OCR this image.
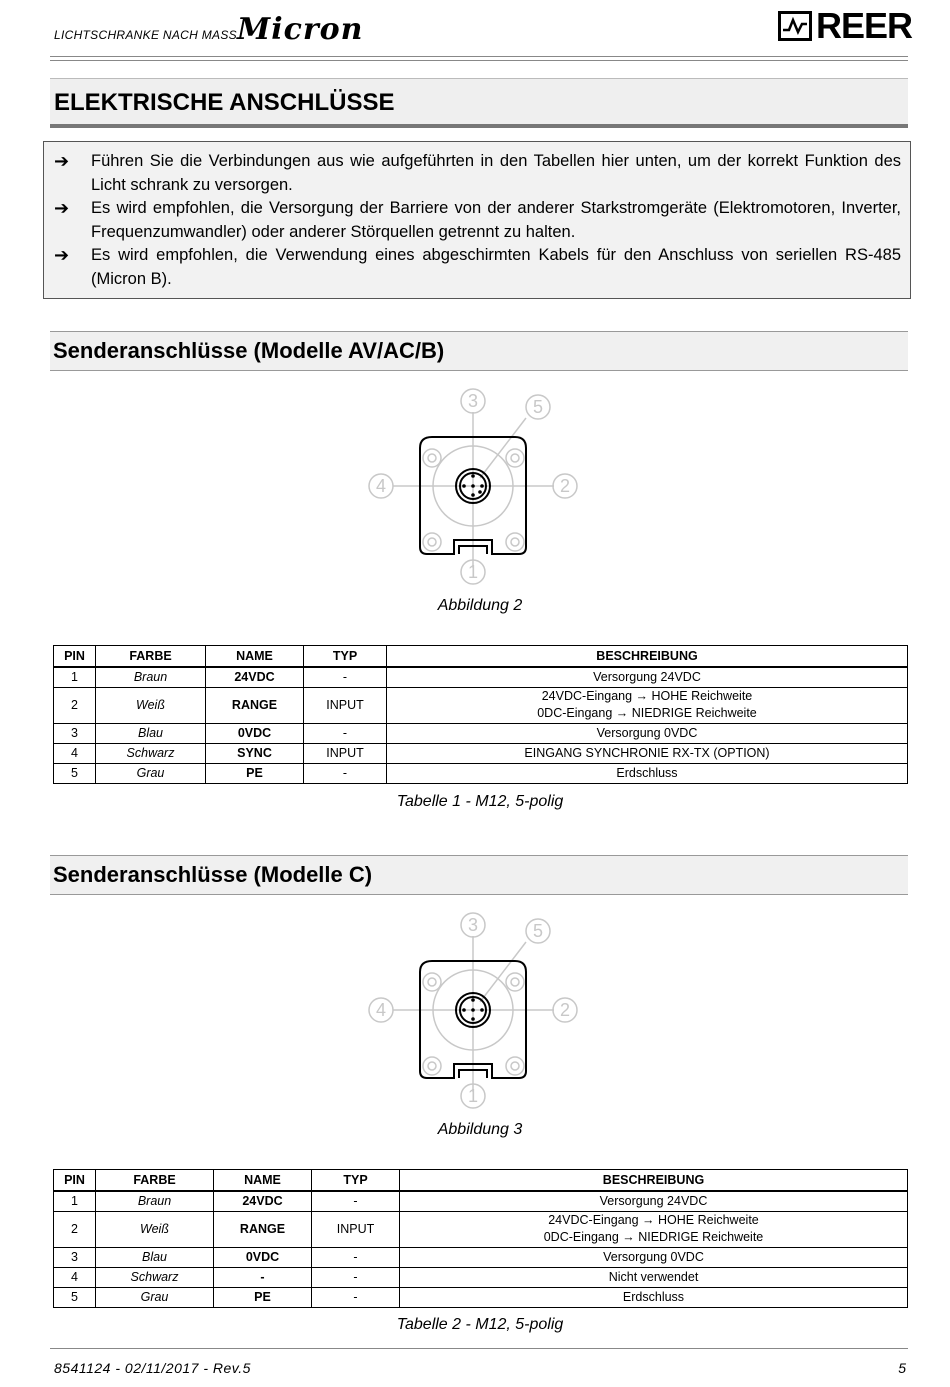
LICHTSCHRANKE NACH MASS Micron	REER
ELEKTRISCHE ANSCHLÜSSE
➔ Führen Sie die Verbindungen aus wie aufgeführten in den Tabellen hier unten, um der korrekt Funktion des Licht schrank zu versorgen.
➔ Es wird empfohlen, die Versorgung der Barriere von der anderer Starkstromgeräte (Elektromotoren, Inverter, Frequenzumwandler) oder anderer Störquellen getrennt zu halten.
➔ Es wird empfohlen, die Verwendung eines abgeschirmten Kabels für den Anschluss von seriellen RS-485 (Micron B).
Senderanschlüsse (Modelle AV/AC/B)
3	5
4	2
1
Abbildung 2
PIN	FARBE	NAME	TYP	BESCHREIBUNG
1	Braun	24VDC	-	Versorgung 24VDC
2	Weiß	RANGE	INPUT	24VDC-Eingang → HOHE Reichweite
0DC-Eingang → NIEDRIGE Reichweite

3	Blau	0VDC	-	Versorgung 0VDC
4	Schwarz	SYNC	INPUT	EINGANG SYNCHRONIE RX-TX (OPTION)
5	Grau	PE	-	Erdschluss
Tabelle 1 - M12, 5-polig
Senderanschlüsse (Modelle C)
3	5
4	2
1
Abbildung 3
PIN	FARBE	NAME	TYP	BESCHREIBUNG
1	Braun	24VDC	-	Versorgung 24VDC
2	Weiß	RANGE	INPUT	24VDC-Eingang → HOHE Reichweite
0DC-Eingang → NIEDRIGE Reichweite

3	Blau	0VDC	-	Versorgung 0VDC
4	Schwarz	-	-	Nicht verwendet
5	Grau	PE	-	Erdschluss
Tabelle 2 - M12, 5-polig
8541124 - 02/11/2017 - Rev.5	5
